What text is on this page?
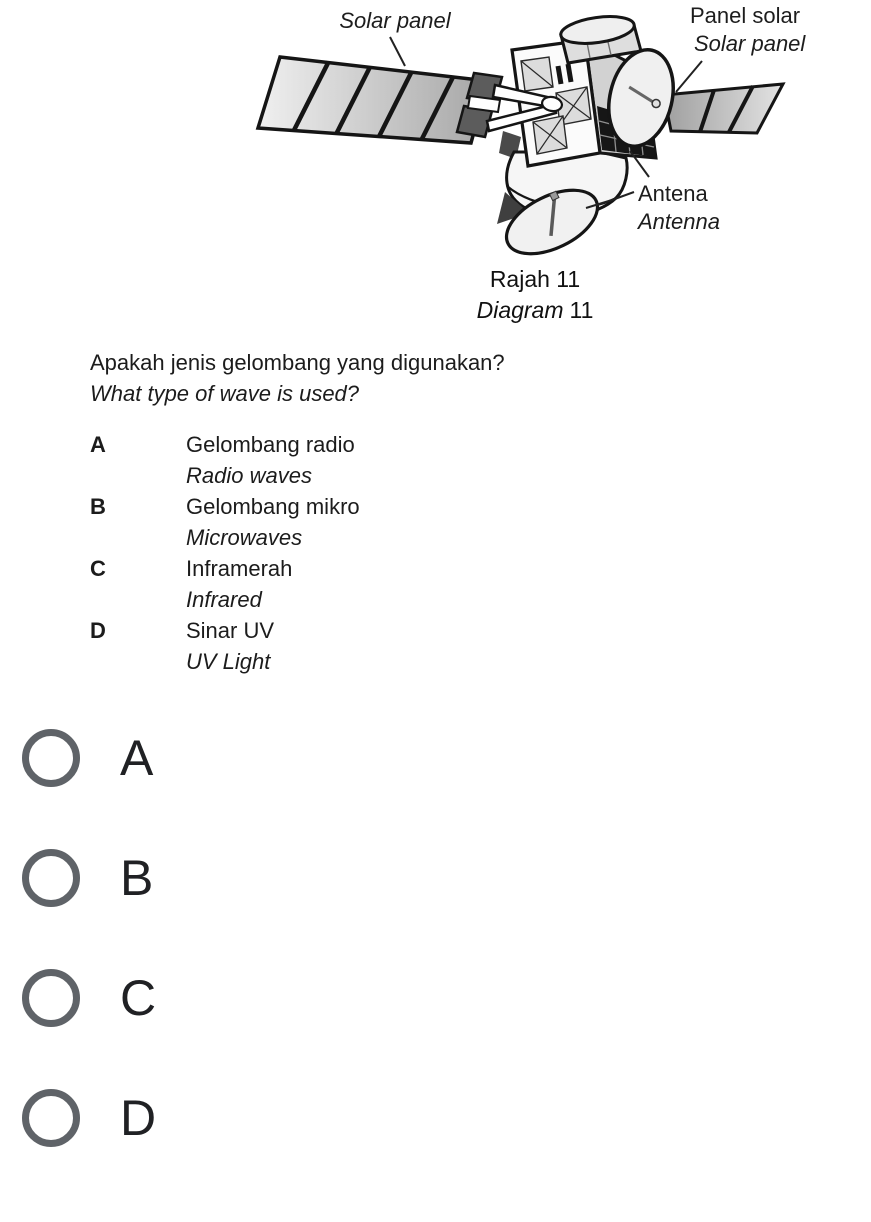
Solar panel	Panel solar
Solar panel
Antena
Antenna
Rajah 11
Diagram 11
Apakah jenis gelombang yang digunakan?
What type of wave is used?
A	Gelombang radio
Radio waves
B	Gelombang mikro
Microwaves
C	Inframerah
Infrared
D	Sinar UV
UV Light
A
B
C
D
